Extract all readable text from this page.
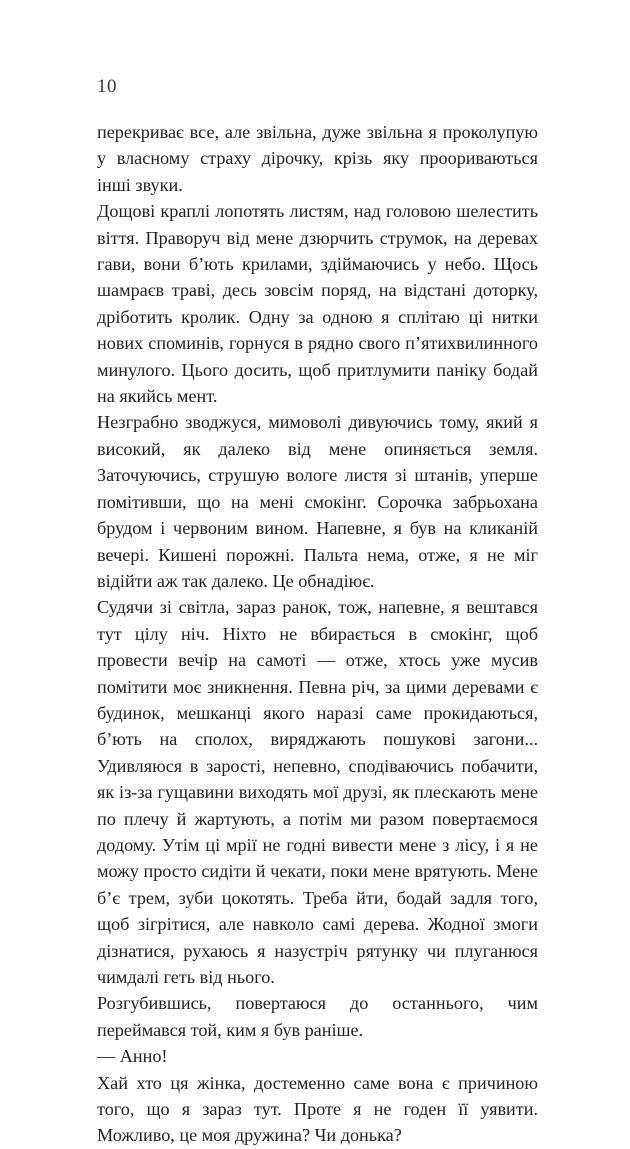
10

перекриває все, але звільна, дуже звільна я проколупую у власному страху дірочку, крізь яку проориваються інші звуки.

Дощові краплі лопотять листям, над головою шелестить віття. Праворуч від мене дзюрчить струмок, на деревах гави, вони б’ють крилами, здіймаючись у небо. Щось шамраєв траві, десь зовсім поряд, на відстані доторку, дріботить кролик. Одну за одною я сплітаю ці нитки нових споминів, горнуся в рядно свого п’ятихвилинного минулого. Цього досить, щоб притлумити паніку бодай на якийсь мент.

Незграбно зводжуся, мимоволі дивуючись тому, який я високий, як далеко від мене опиняється земля. Заточуючись, струшую вологе листя зі штанів, уперше помітивши, що на мені смокінг. Сорочка забрьохана брудом і червоним вином. Напевне, я був на кликаній вечері. Кишені порожні. Пальта нема, отже, я не міг відійти аж так далеко. Це обнадіює.

Судячи зі світла, зараз ранок, тож, напевне, я вештався тут цілу ніч. Ніхто не вбирається в смокінг, щоб провести вечір на самоті — отже, хтось уже мусив помітити моє зникнення. Певна річ, за цими деревами є будинок, мешканці якого наразі саме прокидаються, б’ють на сполох, виряджають пошукові загони... Удивляюся в зарості, непевно, сподіваючись побачити, як із-за гущавини виходять мої друзі, як плескають мене по плечу й жартують, а потім ми разом повертаємося додому. Утім ці мрії не годні вивести мене з лісу, і я не можу просто сидіти й чекати, поки мене врятують. Мене б’є трем, зуби цокотять. Треба йти, бодай задля того, щоб зігрітися, але навколо самі дерева. Жодної змоги дізнатися, рухаюсь я назустріч рятунку чи плуганюся чимдалі геть від нього.

Розгубившись, повертаюся до останнього, чим переймався той, ким я був раніше.

— Анно!

Хай хто ця жінка, достеменно саме вона є причиною того, що я зараз тут. Проте я не годен її уявити. Можливо, це моя дружина? Чи донька?
